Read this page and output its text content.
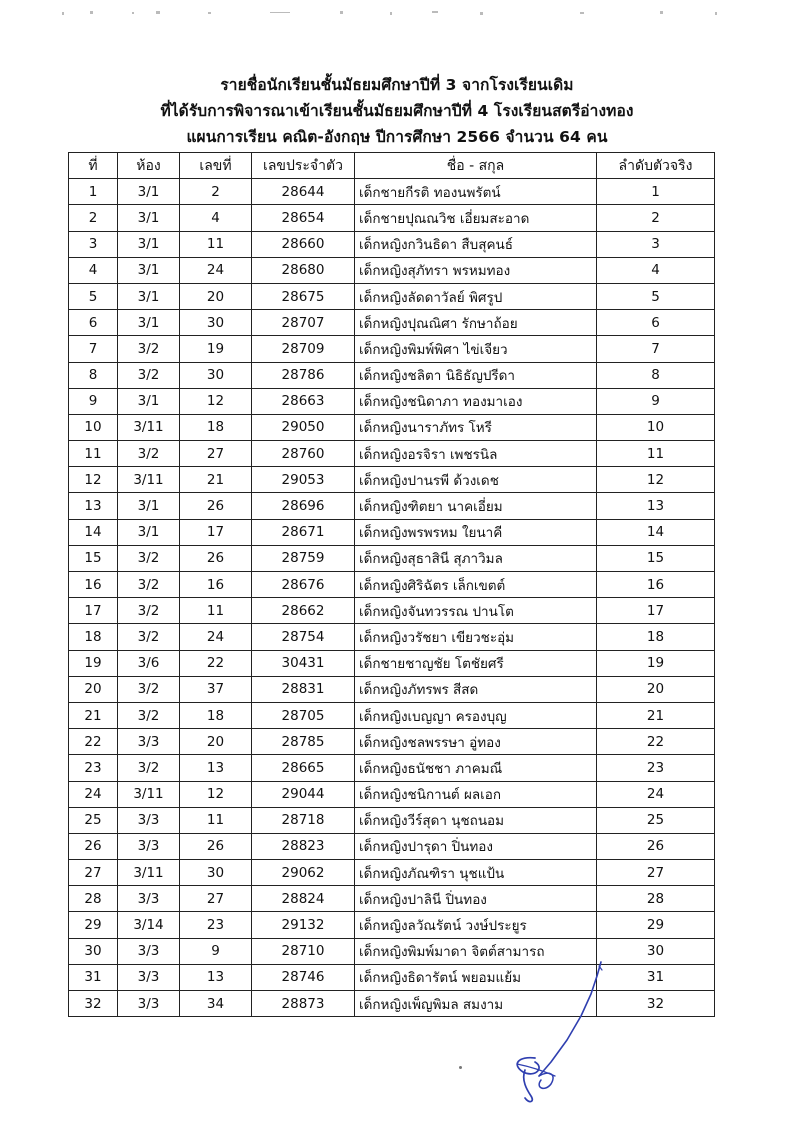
รายชื่อนักเรียนชั้นมัธยมศึกษาปีที่ 3 จากโรงเรียนเดิม
ที่ได้รับการพิจารณาเข้าเรียนชั้นมัธยมศึกษาปีที่ 4 โรงเรียนสตรีอ่างทอง
แผนการเรียน คณิต-อังกฤษ ปีการศึกษา 2566 จำนวน 64 คน
ที่	ห้อง	เลขที่	เลขประจำตัว	ชื่อ - สกุล	ลำดับตัวจริง
1	3/1	2	28644	เด็กชายกีรติ ทองนพรัตน์	1
2	3/1	4	28654	เด็กชายปุณณวิช เอี่ยมสะอาด	2
3	3/1	11	28660	เด็กหญิงกวินธิดา สืบสุคนธ์	3
4	3/1	24	28680	เด็กหญิงสุภัทรา พรหมทอง	4
5	3/1	20	28675	เด็กหญิงลัดดาวัลย์ พิศรูป	5
6	3/1	30	28707	เด็กหญิงปุณณิศา รักษาถ้อย	6
7	3/2	19	28709	เด็กหญิงพิมพ์พิศา ไข่เจียว	7
8	3/2	30	28786	เด็กหญิงชลิตา นิธิธัญปรีดา	8
9	3/1	12	28663	เด็กหญิงชนิดาภา ทองมาเอง	9
10	3/11	18	29050	เด็กหญิงนาราภัทร โหรี	10
11	3/2	27	28760	เด็กหญิงอรจิรา เพชรนิล	11
12	3/11	21	29053	เด็กหญิงปานรพี ด้วงเดช	12
13	3/1	26	28696	เด็กหญิงฑิตยา นาคเอี่ยม	13
14	3/1	17	28671	เด็กหญิงพรพรหม ใยนาคี	14
15	3/2	26	28759	เด็กหญิงสุธาสินี สุภาวิมล	15
16	3/2	16	28676	เด็กหญิงศิริฉัตร เล็กเขตต์	16
17	3/2	11	28662	เด็กหญิงจันทวรรณ ปานโต	17
18	3/2	24	28754	เด็กหญิงวรัชยา เขียวชะอุ่ม	18
19	3/6	22	30431	เด็กชายชาญชัย โตชัยศรี	19
20	3/2	37	28831	เด็กหญิงภัทรพร สีสด	20
21	3/2	18	28705	เด็กหญิงเบญญา ครองบุญ	21
22	3/3	20	28785	เด็กหญิงชลพรรษา อู่ทอง	22
23	3/2	13	28665	เด็กหญิงธนัชชา ภาคมณี	23
24	3/11	12	29044	เด็กหญิงชนิกานต์ ผลเอก	24
25	3/3	11	28718	เด็กหญิงวีร์สุดา นุชถนอม	25
26	3/3	26	28823	เด็กหญิงปารุดา ปิ่นทอง	26
27	3/11	30	29062	เด็กหญิงภัณฑิรา นุชแป้น	27
28	3/3	27	28824	เด็กหญิงปาลินี ปิ่นทอง	28
29	3/14	23	29132	เด็กหญิงลวัณรัตน์ วงษ์ประยูร	29
30	3/3	9	28710	เด็กหญิงพิมพ์มาดา จิตต์สามารถ	30
31	3/3	13	28746	เด็กหญิงธิดารัตน์ พยอมแย้ม	31
32	3/3	34	28873	เด็กหญิงเพ็ญพิมล สมงาม	32
